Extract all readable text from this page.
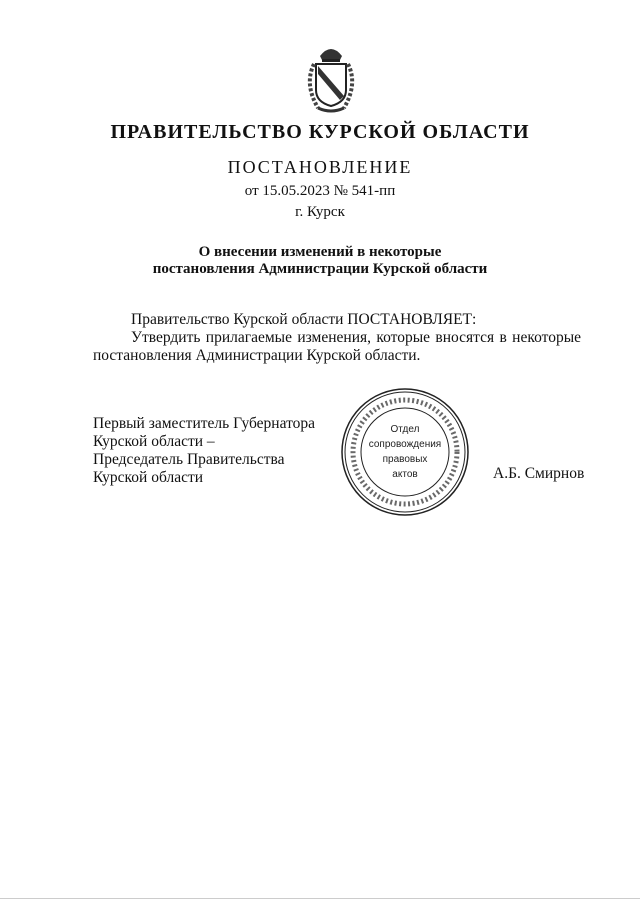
ПРАВИТЕЛЬСТВО КУРСКОЙ ОБЛАСТИ
ПОСТАНОВЛЕНИЕ
от 15.05.2023 № 541-пп
г. Курск
О внесении изменений в некоторые
постановления Администрации Курской области
Правительство Курской области ПОСТАНОВЛЯЕТ:
Утвердить прилагаемые изменения, которые вносятся в некоторые
постановления Администрации Курской области.
Первый заместитель Губернатора
Курской области –
Председатель Правительства
Курской области	А.Б. Смирнов
Отдел
сопровождения
правовых
актов
